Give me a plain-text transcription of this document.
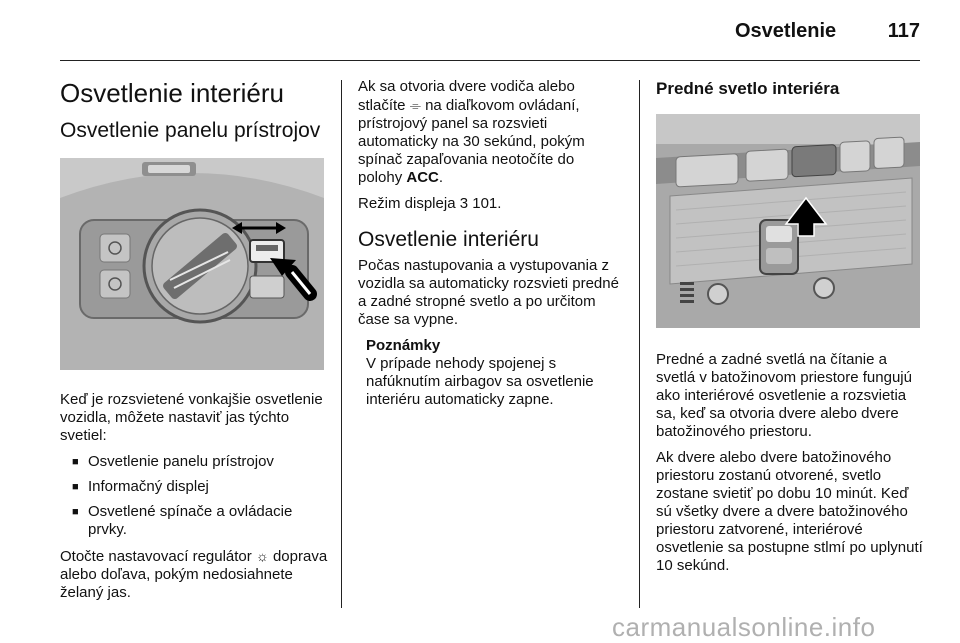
Osvetlenie	117
Osvetlenie interiéru
Osvetlenie panelu prístrojov

Keď je rozsvietené vonkajšie osvetlenie vozidla, môžete nastaviť jas týchto svetiel:

■ Osvetlenie panelu prístrojov
■ Informačný displej
■ Osvetlené spínače a ovládacie prvky.

Otočte nastavovací regulátor ☼ doprava alebo doľava, pokým nedosiahnete želaný jas.

Ak sa otvoria dvere vodiča alebo stlačíte ⌯ na diaľkovom ovládaní, prístrojový panel sa rozsvieti automaticky na 30 sekúnd, pokým spínač zapaľovania neotočíte do polohy ACC.

Režim displeja 3 101.

Osvetlenie interiéru

Počas nastupovania a vystupovania z vozidla sa automaticky rozsvieti predné a zadné stropné svetlo a po určitom čase sa vypne.

Poznámky
V prípade nehody spojenej s nafúknutím airbagov sa osvetlenie interiéru automaticky zapne.
Predné svetlo interiéra

Predné a zadné svetlá na čítanie a svetlá v batožinovom priestore fungujú ako interiérové osvetlenie a rozsvietia sa, keď sa otvoria dvere alebo dvere batožinového priestoru.

Ak dvere alebo dvere batožinového priestoru zostanú otvorené, svetlo zostane svietiť po dobu 10 minút. Keď sú všetky dvere a dvere batožinového priestoru zatvorené, interiérové osvetlenie sa postupne stlmí po uplynutí 10 sekúnd.

carmanualsonline.info
